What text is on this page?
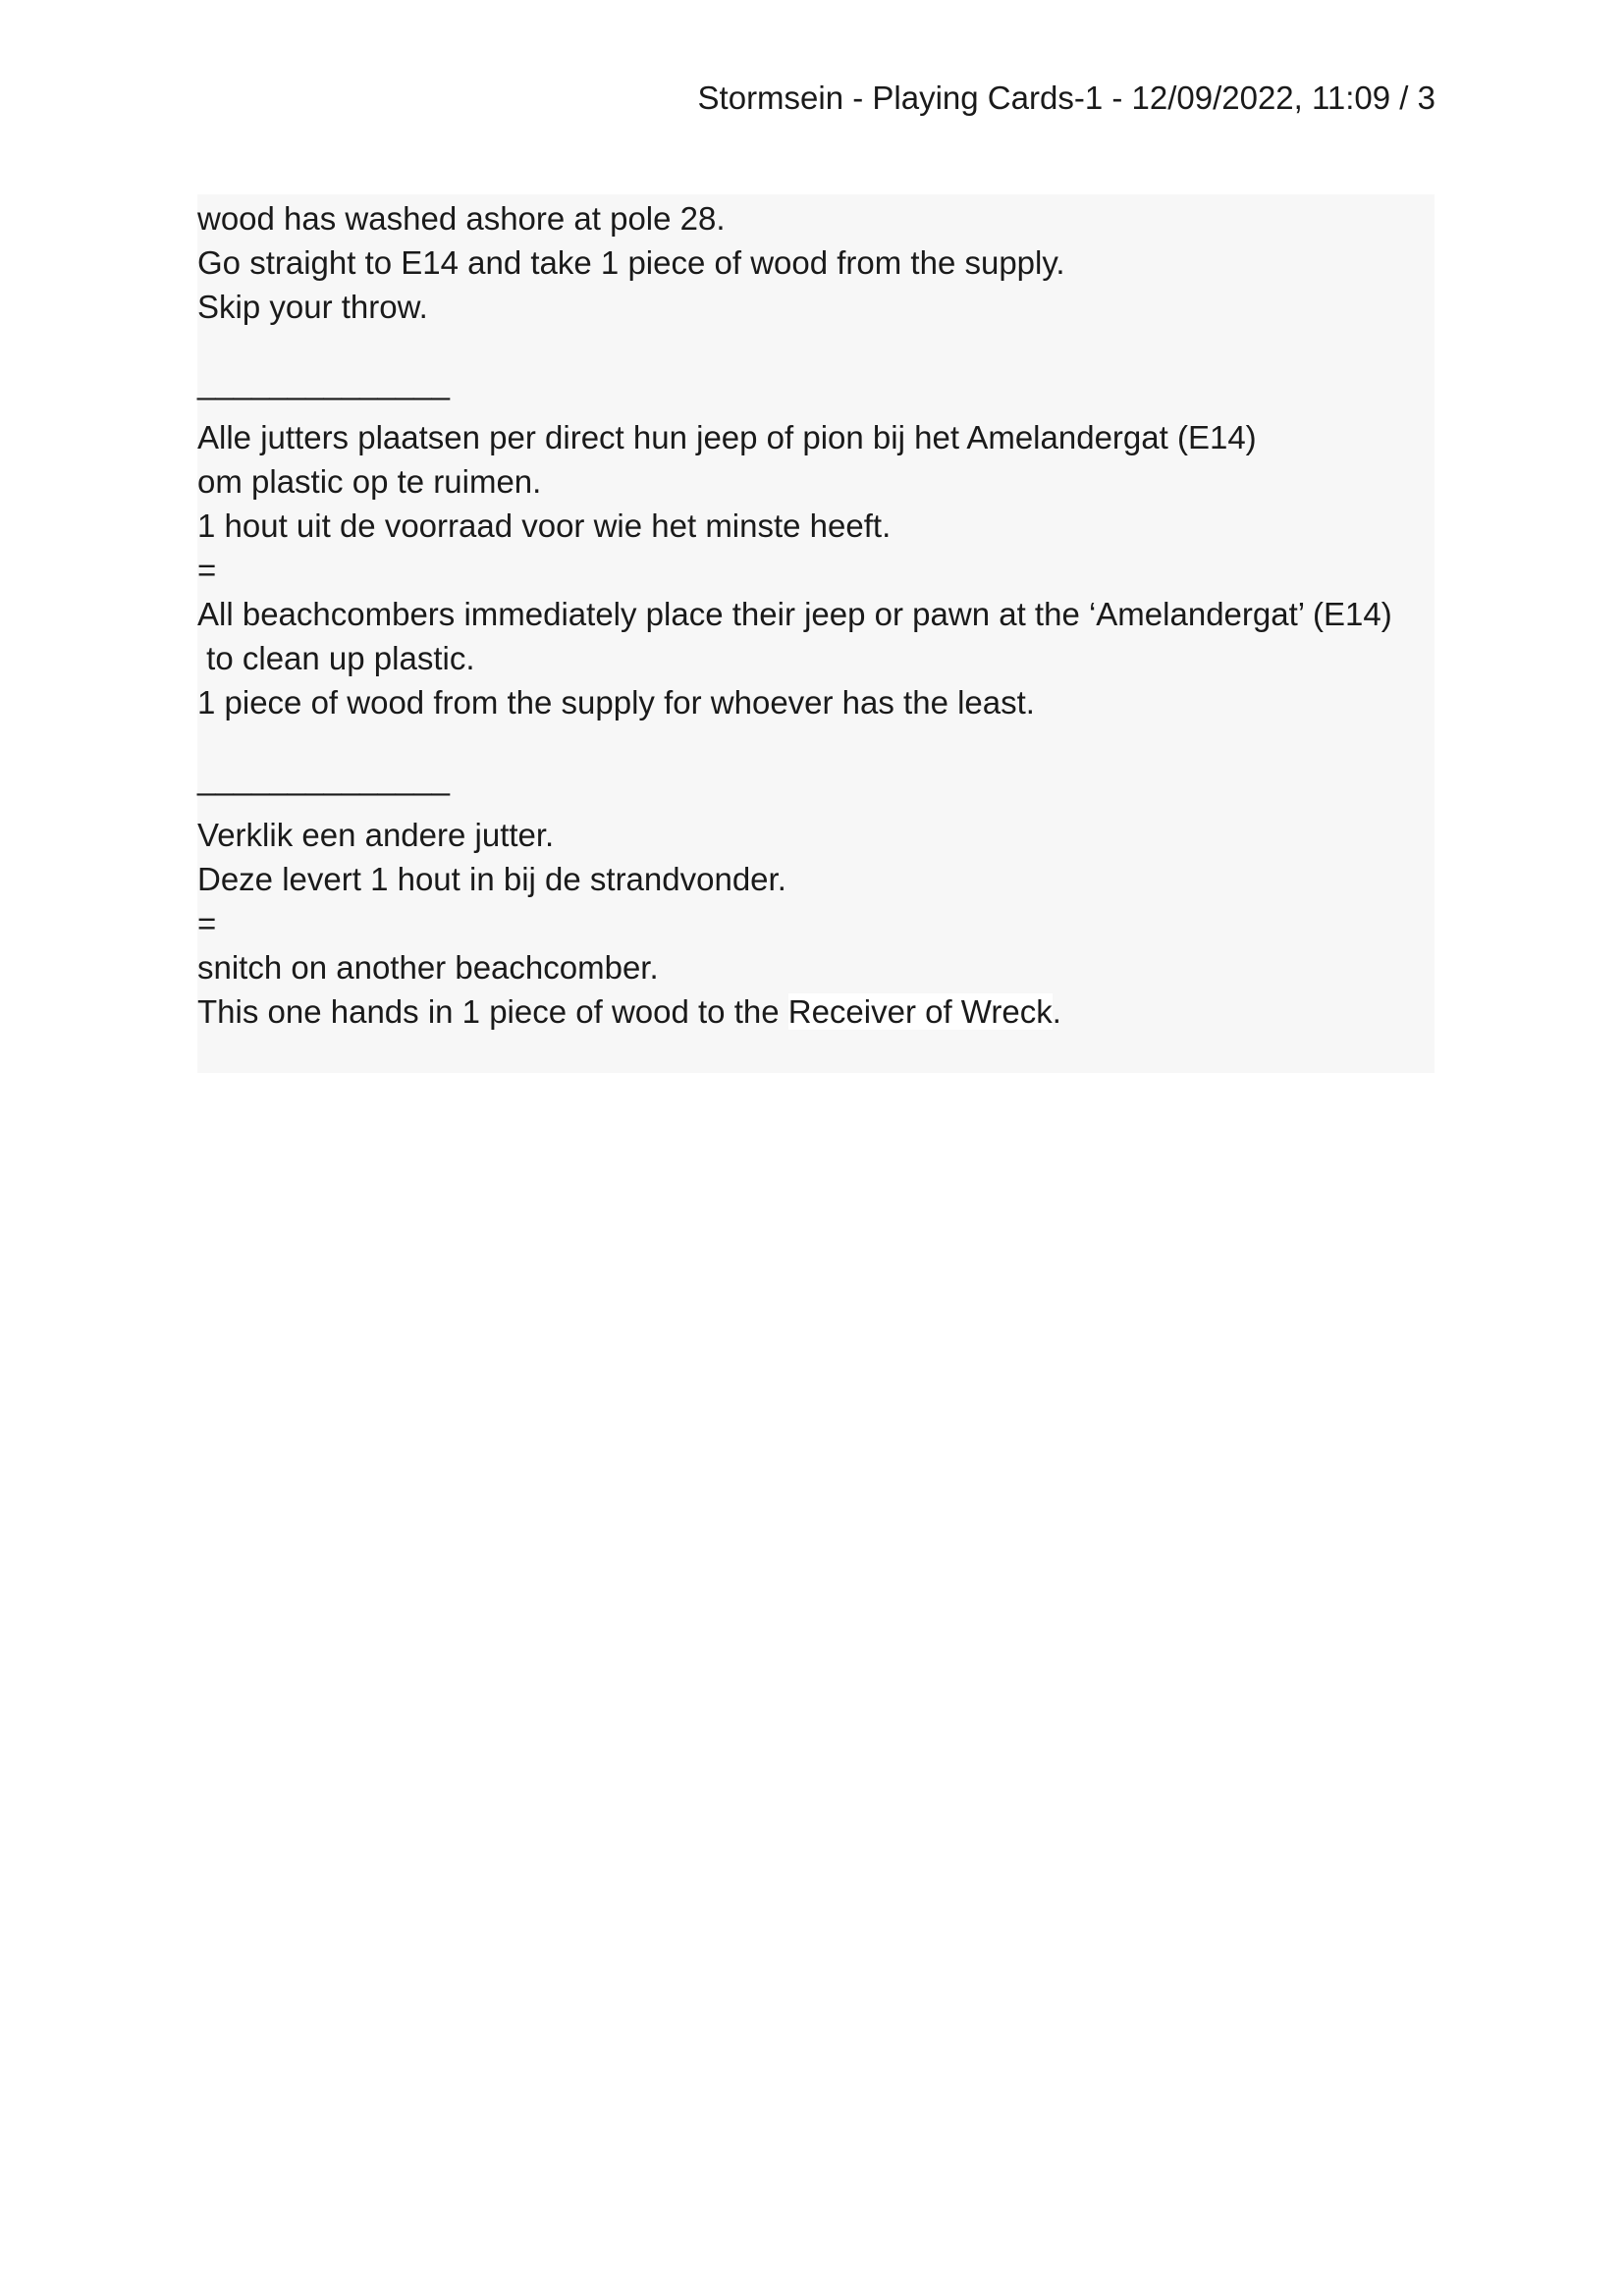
Stormsein - Playing Cards-1 - 12/09/2022, 11:09 / 3
wood has washed ashore at pole 28.
Go straight to E14 and take 1 piece of wood from the supply.
Skip your throw.
______________
Alle jutters plaatsen per direct hun jeep of pion bij het Amelandergat (E14)
om plastic op te ruimen.
1 hout uit de voorraad voor wie het minste heeft.
=
All beachcombers immediately place their jeep or pawn at the ‘Amelandergat’ (E14)
to clean up plastic.
1 piece of wood from the supply for whoever has the least.
______________
Verklik een andere jutter.
Deze levert 1 hout in bij de strandvonder.
=
snitch on another beachcomber.
This one hands in 1 piece of wood to the Receiver of Wreck.
